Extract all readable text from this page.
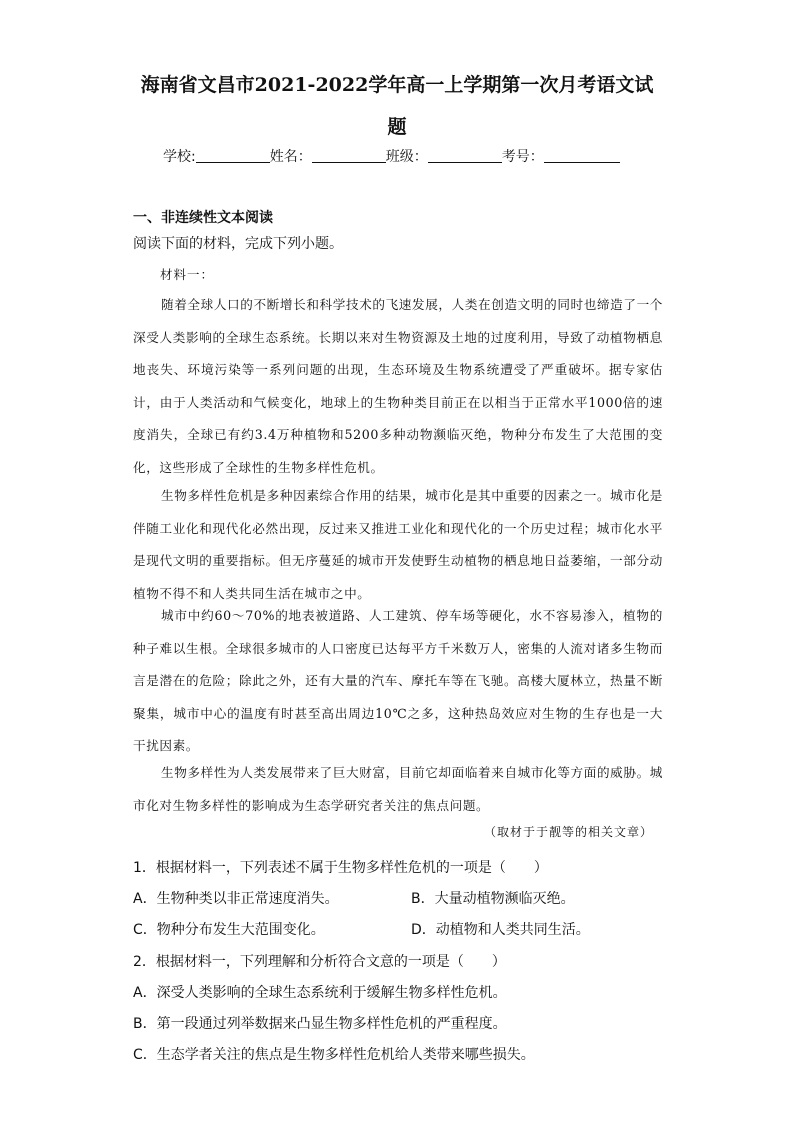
海南省文昌市2021-2022学年高一上学期第一次月考语文试
题
学校:	姓名：	班级：	考号：
一、非连续性文本阅读
阅读下面的材料，完成下列小题。
材料一：
随着全球人口的不断增长和科学技术的飞速发展，人类在创造文明的同时也缔造了一个深受人类影响的全球生态系统。长期以来对生物资源及土地的过度利用，导致了动植物栖息地丧失、环境污染等一系列问题的出现，生态环境及生物系统遭受了严重破坏。据专家估计，由于人类活动和气候变化，地球上的生物种类目前正在以相当于正常水平1000倍的速度消失，全球已有约3.4万种植物和5200多种动物濒临灭绝，物种分布发生了大范围的变化，这些形成了全球性的生物多样性危机。
生物多样性危机是多种因素综合作用的结果，城市化是其中重要的因素之一。城市化是伴随工业化和现代化必然出现，反过来又推进工业化和现代化的一个历史过程；城市化水平是现代文明的重要指标。但无序蔓延的城市开发使野生动植物的栖息地日益萎缩，一部分动植物不得不和人类共同生活在城市之中。
城市中约60～70%的地表被道路、人工建筑、停车场等硬化，水不容易渗入，植物的种子难以生根。全球很多城市的人口密度已达每平方千米数万人，密集的人流对诸多生物而言是潜在的危险；除此之外，还有大量的汽车、摩托车等在飞驰。高楼大厦林立，热量不断聚集，城市中心的温度有时甚至高出周边10℃之多，这种热岛效应对生物的生存也是一大干扰因素。
生物多样性为人类发展带来了巨大财富，目前它却面临着来自城市化等方面的威胁。城市化对生物多样性的影响成为生态学研究者关注的焦点问题。
（取材于于靓等的相关文章）
1．根据材料一，下列表述不属于生物多样性危机的一项是（　　）
A．生物种类以非正常速度消失。	B．大量动植物濒临灭绝。
C．物种分布发生大范围变化。	D．动植物和人类共同生活。
2．根据材料一，下列理解和分析符合文意的一项是（　　）
A．深受人类影响的全球生态系统利于缓解生物多样性危机。
B．第一段通过列举数据来凸显生物多样性危机的严重程度。
C．生态学者关注的焦点是生物多样性危机给人类带来哪些损失。
